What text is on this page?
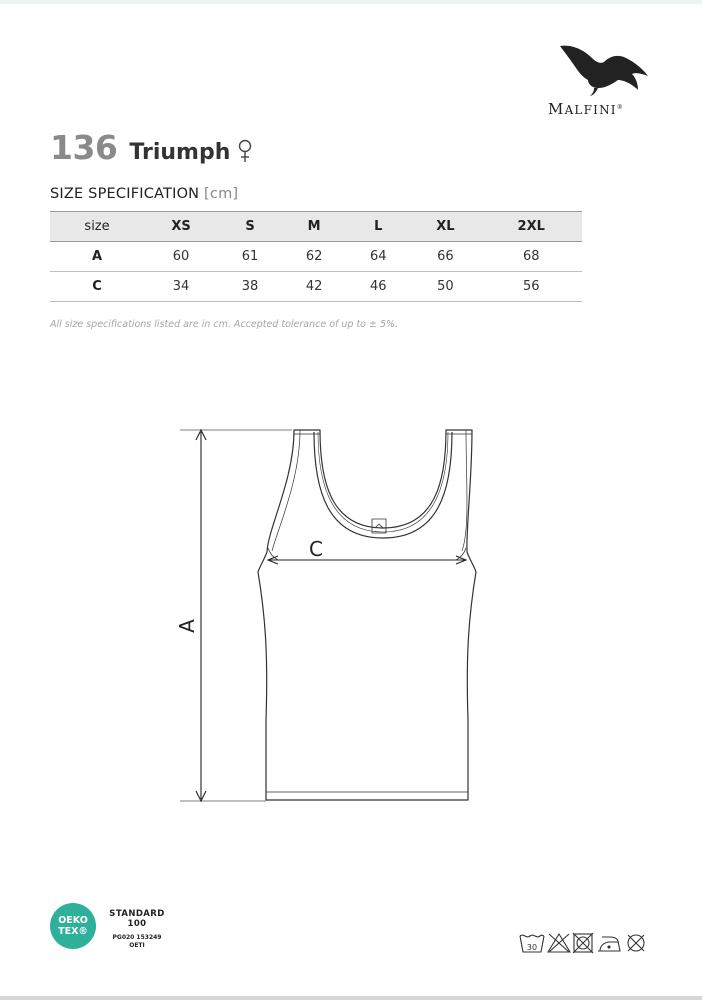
MALFINI®
136 Triumph
SIZE SPECIFICATION [cm]
size	XS	S	M	L	XL	2XL
A	60	61	62	64	66	68
C	34	38	42	46	50	56
All size specifications listed are in cm. Accepted tolerance of up to ± 5%.
A
C
OEKO
TEX®
STANDARD
100
PG020 153249
OETI	30
